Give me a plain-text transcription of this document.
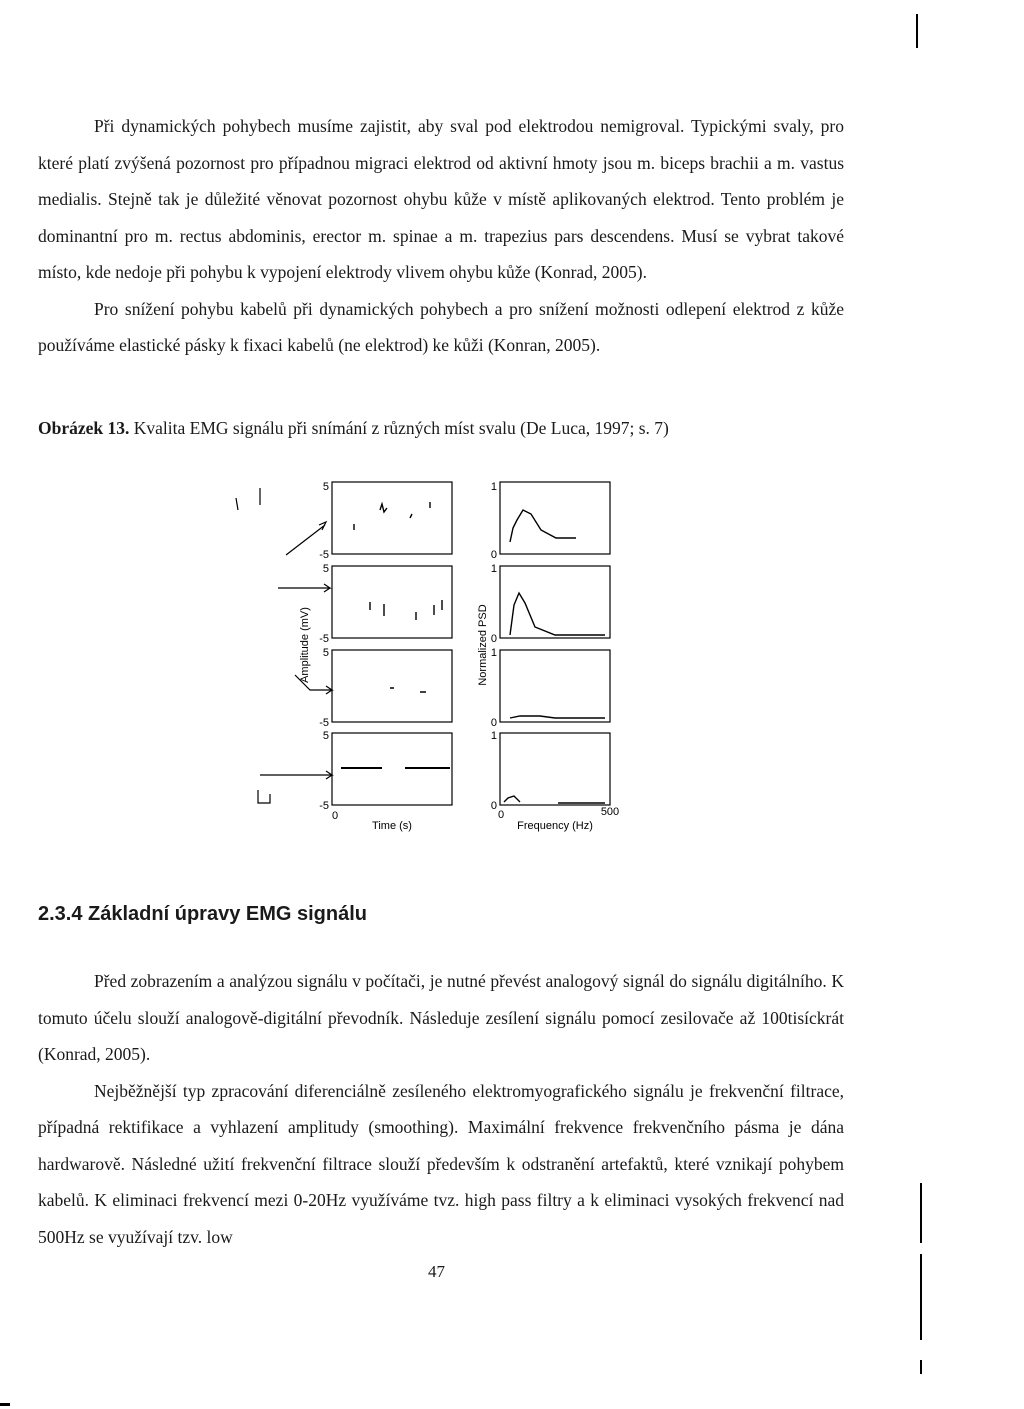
Při dynamických pohybech musíme zajistit, aby sval pod elektrodou nemigroval. Typickými svaly, pro které platí zvýšená pozornost pro případnou migraci elektrod od aktivní hmoty jsou m. biceps brachii a m. vastus medialis. Stejně tak je důležité věnovat pozornost ohybu kůže v místě aplikovaných elektrod. Tento problém je dominantní pro m. rectus abdominis, erector m. spinae a m. trapezius pars descendens. Musí se vybrat takové místo, kde nedoje při pohybu k vypojení elektrody vlivem ohybu kůže (Konrad, 2005).

Pro snížení pohybu kabelů při dynamických pohybech a pro snížení možnosti odlepení elektrod z kůže používáme elastické pásky k fixaci kabelů (ne elektrod) ke kůži (Konran, 2005).

Obrázek 13. Kvalita EMG signálu při snímání z různých míst svalu (De Luca, 1997; s. 7)
5
-5
5
-5
5
-5
5
-5
1
0
1
0
1
0
1
0
Amplitude (mV)	Normalized PSD
0
Time (s)
0	500
Frequency (Hz)
2.3.4 Základní úpravy EMG signálu

Před zobrazením a analýzou signálu v počítači, je nutné převést analogový signál do signálu digitálního. K tomuto účelu slouží analogově-digitální převodník. Následuje zesílení signálu pomocí zesilovače až 100tisíckrát (Konrad, 2005).

Nejběžnější typ zpracování diferenciálně zesíleného elektromyografického signálu je frekvenční filtrace, případná rektifikace a vyhlazení amplitudy (smoothing). Maximální frekvence frekvenčního pásma je dána hardwarově. Následné užití frekvenční filtrace slouží především k odstranění artefaktů, které vznikají pohybem kabelů. K eliminaci frekvencí mezi 0-20Hz využíváme tvz. high pass filtry a k eliminaci vysokých frekvencí nad 500Hz se využívají tzv. low

47
